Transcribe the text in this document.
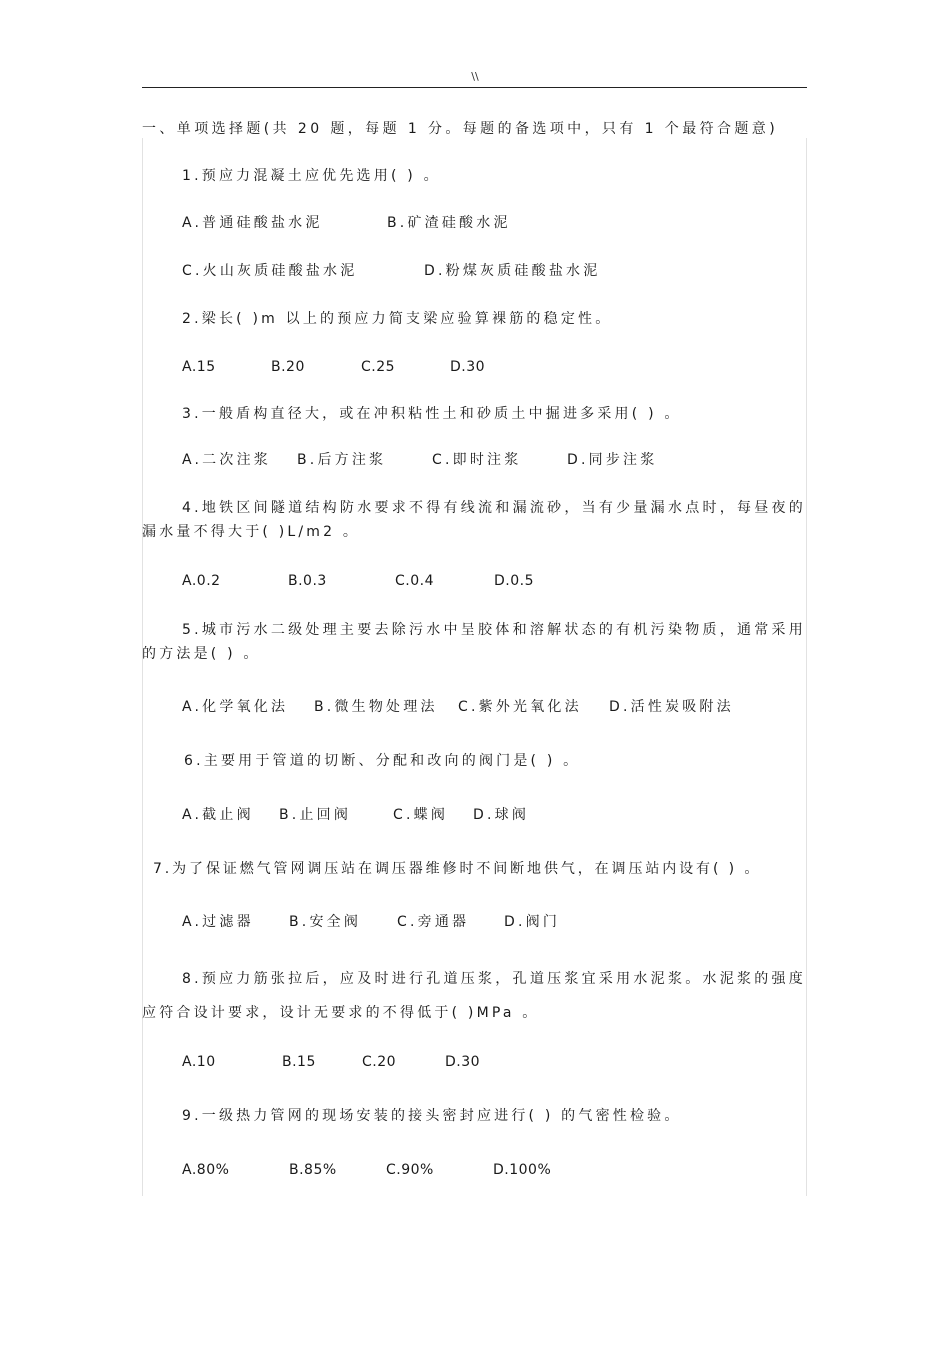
\\
一、单项选择题(共 20 题，每题 1 分。每题的备选项中，只有 1 个最符合题意)
1.预应力混凝土应优先选用( ) 。
A.普通硅酸盐水泥	B.矿渣硅酸水泥
C.火山灰质硅酸盐水泥	D.粉煤灰质硅酸盐水泥
2.梁长( )m 以上的预应力简支梁应验算裸筋的稳定性。
A.15	B.20	C.25	D.30
3.一般盾构直径大，或在冲积粘性土和砂质土中掘进多采用( ) 。
A.二次注浆 B.后方注浆	C.即时注浆	D.同步注浆
4.地铁区间隧道结构防水要求不得有线流和漏流砂，当有少量漏水点时，每昼夜的漏水量不得大于( )L/m2 。
A.0.2	B.0.3	C.0.4	D.0.5
5.城市污水二级处理主要去除污水中呈胶体和溶解状态的有机污染物质，通常采用的方法是( ) 。
A.化学氧化法 B.微生物处理法 C.紫外光氧化法 D.活性炭吸附法
6.主要用于管道的切断、分配和改向的阀门是( ) 。
A.截止阀 B.止回阀	C.蝶阀 D.球阀
7.为了保证燃气管网调压站在调压器维修时不间断地供气，在调压站内设有( ) 。
A.过滤器	B.安全阀	C.旁通器 D.阀门
8.预应力筋张拉后，应及时进行孔道压浆，孔道压浆宜采用水泥浆。水泥浆的强度应符合设计要求，设计无要求的不得低于( )MPa 。
A.10	B.15	C.20	D.30
9.一级热力管网的现场安装的接头密封应进行( ) 的气密性检验。
A.80%	B.85%	C.90%	D.100%
